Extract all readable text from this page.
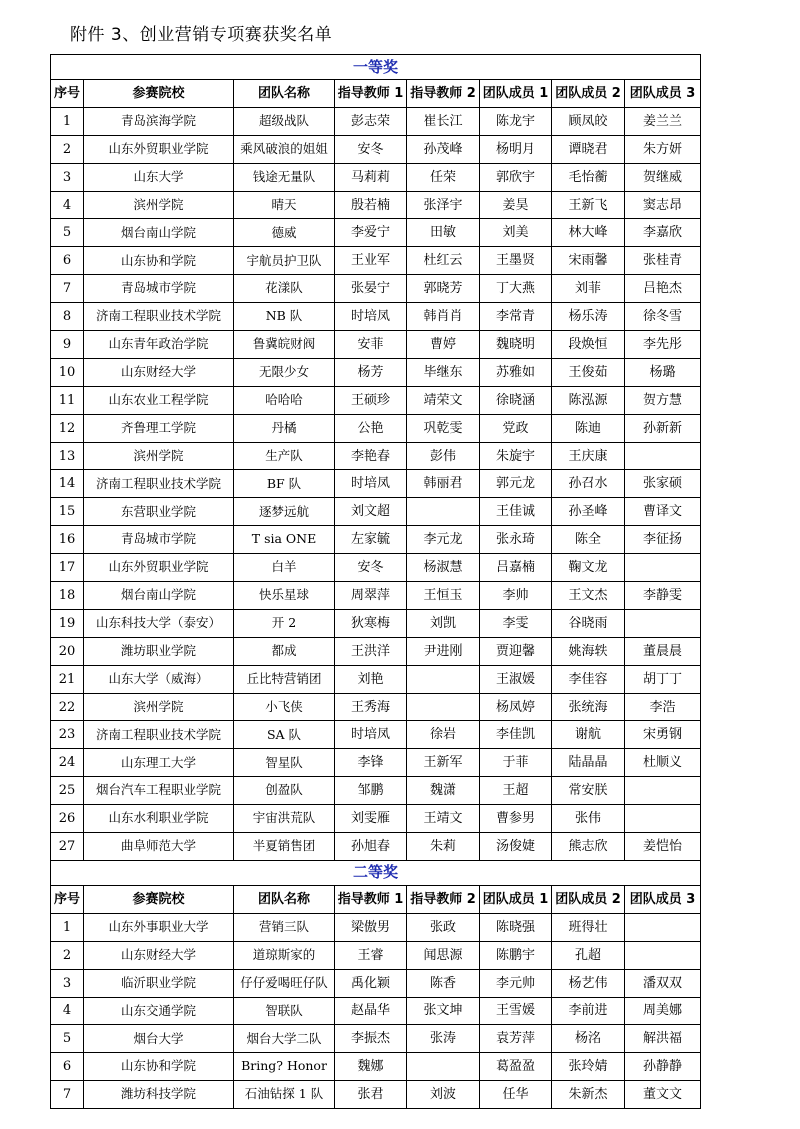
附件 3、创业营销专项赛获奖名单
一等奖							
序号	参赛院校	团队名称	指导教师 1	指导教师 2	团队成员 1	团队成员 2	团队成员 3
1	青岛滨海学院	超级战队	彭志荣	崔长江	陈龙宇	顾凤皎	姜兰兰
2	山东外贸职业学院	乘风破浪的姐姐	安冬	孙茂峰	杨明月	谭晓君	朱方妍
3	山东大学	钱途无量队	马莉莉	任荣	郭欣宇	毛怡蘅	贺继威
4	滨州学院	晴天	殷若楠	张泽宇	姜昊	王新飞	窦志昂
5	烟台南山学院	德威	李爱宁	田敏	刘美	林大峰	李嘉欣
6	山东协和学院	宇航员护卫队	王业军	杜红云	王墨贤	宋雨馨	张桂青
7	青岛城市学院	花漾队	张晏宁	郭晓芳	丁大燕	刘菲	吕艳杰
8	济南工程职业技术学院	NB 队	时培凤	韩肖肖	李常青	杨乐涛	徐冬雪
9	山东青年政治学院	鲁冀皖财阀	安菲	曹婷	魏晓明	段焕恒	李先彤
10	山东财经大学	无限少女	杨芳	毕继东	苏雅如	王俊茹	杨璐
11	山东农业工程学院	哈哈哈	王硕珍	靖荣文	徐晓涵	陈泓源	贺方慧
12	齐鲁理工学院	丹橘	公艳	巩乾雯	党政	陈迪	孙新新
13	滨州学院	生产队	李艳春	彭伟	朱旋宇	王庆康	
14	济南工程职业技术学院	BF 队	时培凤	韩丽君	郭元龙	孙召水	张家硕
15	东营职业学院	逐梦远航	刘文超		王佳诚	孙圣峰	曹译文
16	青岛城市学院	T sia ONE	左家毓	李元龙	张永琦	陈全	李征扬
17	山东外贸职业学院	白羊	安冬	杨淑慧	吕嘉楠	鞠文龙	
18	烟台南山学院	快乐星球	周翠萍	王恒玉	李帅	王文杰	李静雯
19	山东科技大学（泰安）	开 2	狄寒梅	刘凯	李雯	谷晓雨	
20	潍坊职业学院	都成	王洪洋	尹进刚	贾迎馨	姚海轶	董晨晨
21	山东大学（威海）	丘比特营销团	刘艳		王淑媛	李佳容	胡丁丁
22	滨州学院	小飞侠	王秀海		杨凤婷	张统海	李浩
23	济南工程职业技术学院	SA 队	时培凤	徐岩	李佳凯	谢航	宋勇钢
24	山东理工大学	智星队	李锋	王新军	于菲	陆晶晶	杜顺义
25	烟台汽车工程职业学院	创盈队	邹鹏	魏潇	王超	常安朕	
26	山东水利职业学院	宇宙洪荒队	刘雯雁	王靖文	曹参男	张伟	
27	曲阜师范大学	半夏销售团	孙旭春	朱莉	汤俊婕	熊志欣	姜恺怡
二等奖							
序号	参赛院校	团队名称	指导教师 1	指导教师 2	团队成员 1	团队成员 2	团队成员 3
1	山东外事职业大学	营销三队	梁傲男	张政	陈晓强	班得壮	
2	山东财经大学	道琼斯家的	王睿	闻思源	陈鹏宇	孔超	
3	临沂职业学院	仔仔爱喝旺仔队	禹化颖	陈香	李元帅	杨艺伟	潘双双
4	山东交通学院	智联队	赵晶华	张文坤	王雪媛	李前进	周美娜
5	烟台大学	烟台大学二队	李振杰	张涛	袁芳萍	杨洺	解洪福
6	山东协和学院	Bring? Honor	魏娜		葛盈盈	张玲婧	孙静静
7	潍坊科技学院	石油钻探 1 队	张君	刘波	任华	朱新杰	董文文
